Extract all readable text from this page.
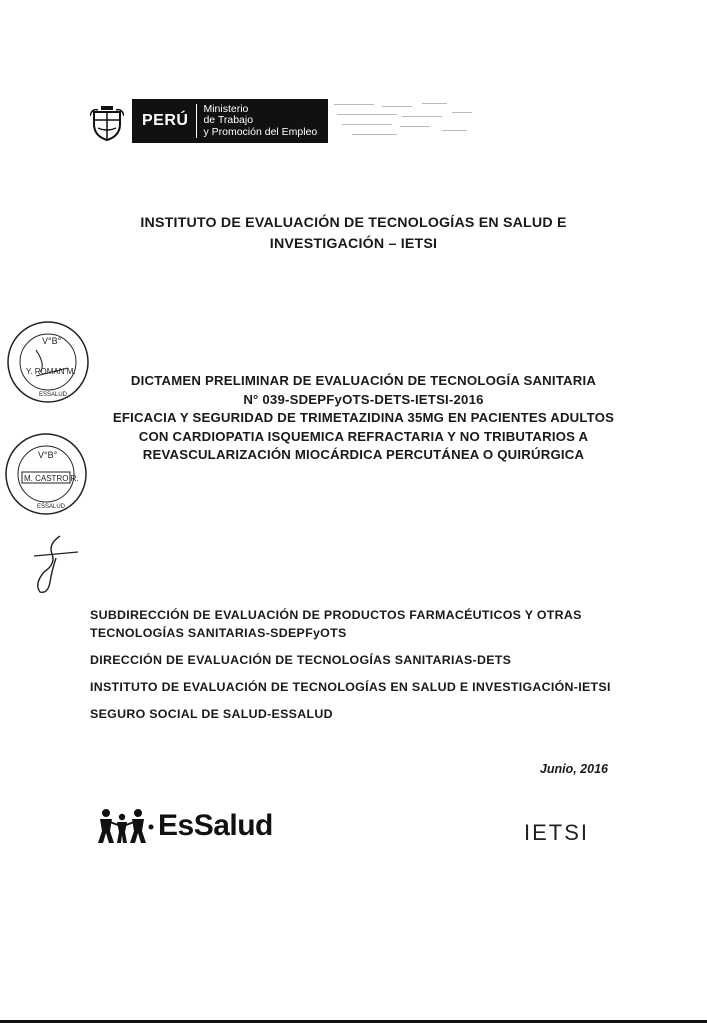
PERÚ
Ministerio
de Trabajo
y Promoción del Empleo
INSTITUTO DE EVALUACIÓN DE TECNOLOGÍAS EN SALUD E
INVESTIGACIÓN – IETSI
V°B°
Y. ROMAN M.
ESSALUD
V°B°
M. CASTRO R.
ESSALUD
DICTAMEN PRELIMINAR DE EVALUACIÓN DE TECNOLOGÍA SANITARIA
N° 039-SDEPFyOTS-DETS-IETSI-2016
EFICACIA Y SEGURIDAD DE TRIMETAZIDINA 35MG EN PACIENTES ADULTOS
CON CARDIOPATIA ISQUEMICA REFRACTARIA Y NO TRIBUTARIOS A
REVASCULARIZACIÓN MIOCÁRDICA PERCUTÁNEA O QUIRÚRGICA

SUBDIRECCIÓN DE EVALUACIÓN DE PRODUCTOS FARMACÉUTICOS Y OTRAS TECNOLOGÍAS SANITARIAS-SDEPFyOTS

DIRECCIÓN DE EVALUACIÓN DE TECNOLOGÍAS SANITARIAS-DETS

INSTITUTO DE EVALUACIÓN DE TECNOLOGÍAS EN SALUD E INVESTIGACIÓN-IETSI

SEGURO SOCIAL DE SALUD-ESSALUD

Junio, 2016
EsSalud	IETSI
